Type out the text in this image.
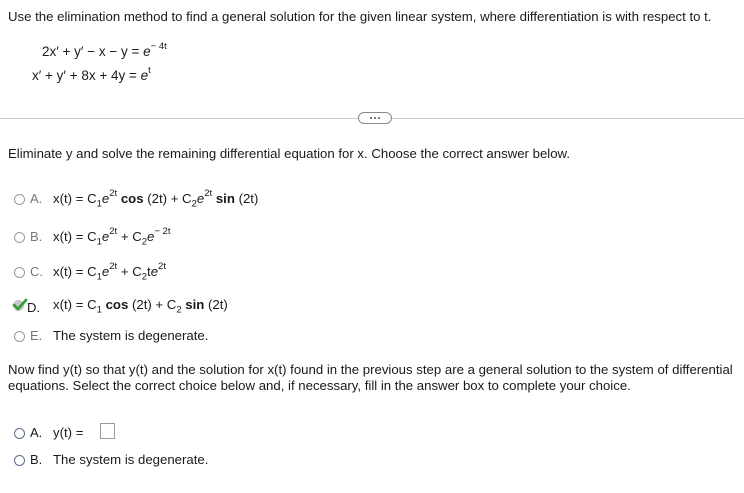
Use the elimination method to find a general solution for the given linear system, where differentiation is with respect to t.
$2x' + y' - x - y = e^{- 4t}$
$x' + y' + 8x + 4y = e^t$
Eliminate y and solve the remaining differential equation for x. Choose the correct answer below.
A. $x(t) = C_1e^{2t}$ $\cos (2t) + C_2e^{2t}$ sin (2t)
B. $x(t) = C_1e^{2t} + C_2e^{- 2t}$
C. $x(t) = C_1e^{2t} + C_2te^{2t}$
D. $x(t) = C_1$ $\cos (2t) + C_2$ sin (2t)
E. The system is degenerate.
Now find y(t) so that y(t) and the solution for x(t) found in the previous step are a general solution to the system of differential
equations. Select the correct choice below and, if necessary, fill in the answer box to complete your choice.
A. y(t) =
B. The system is degenerate.
